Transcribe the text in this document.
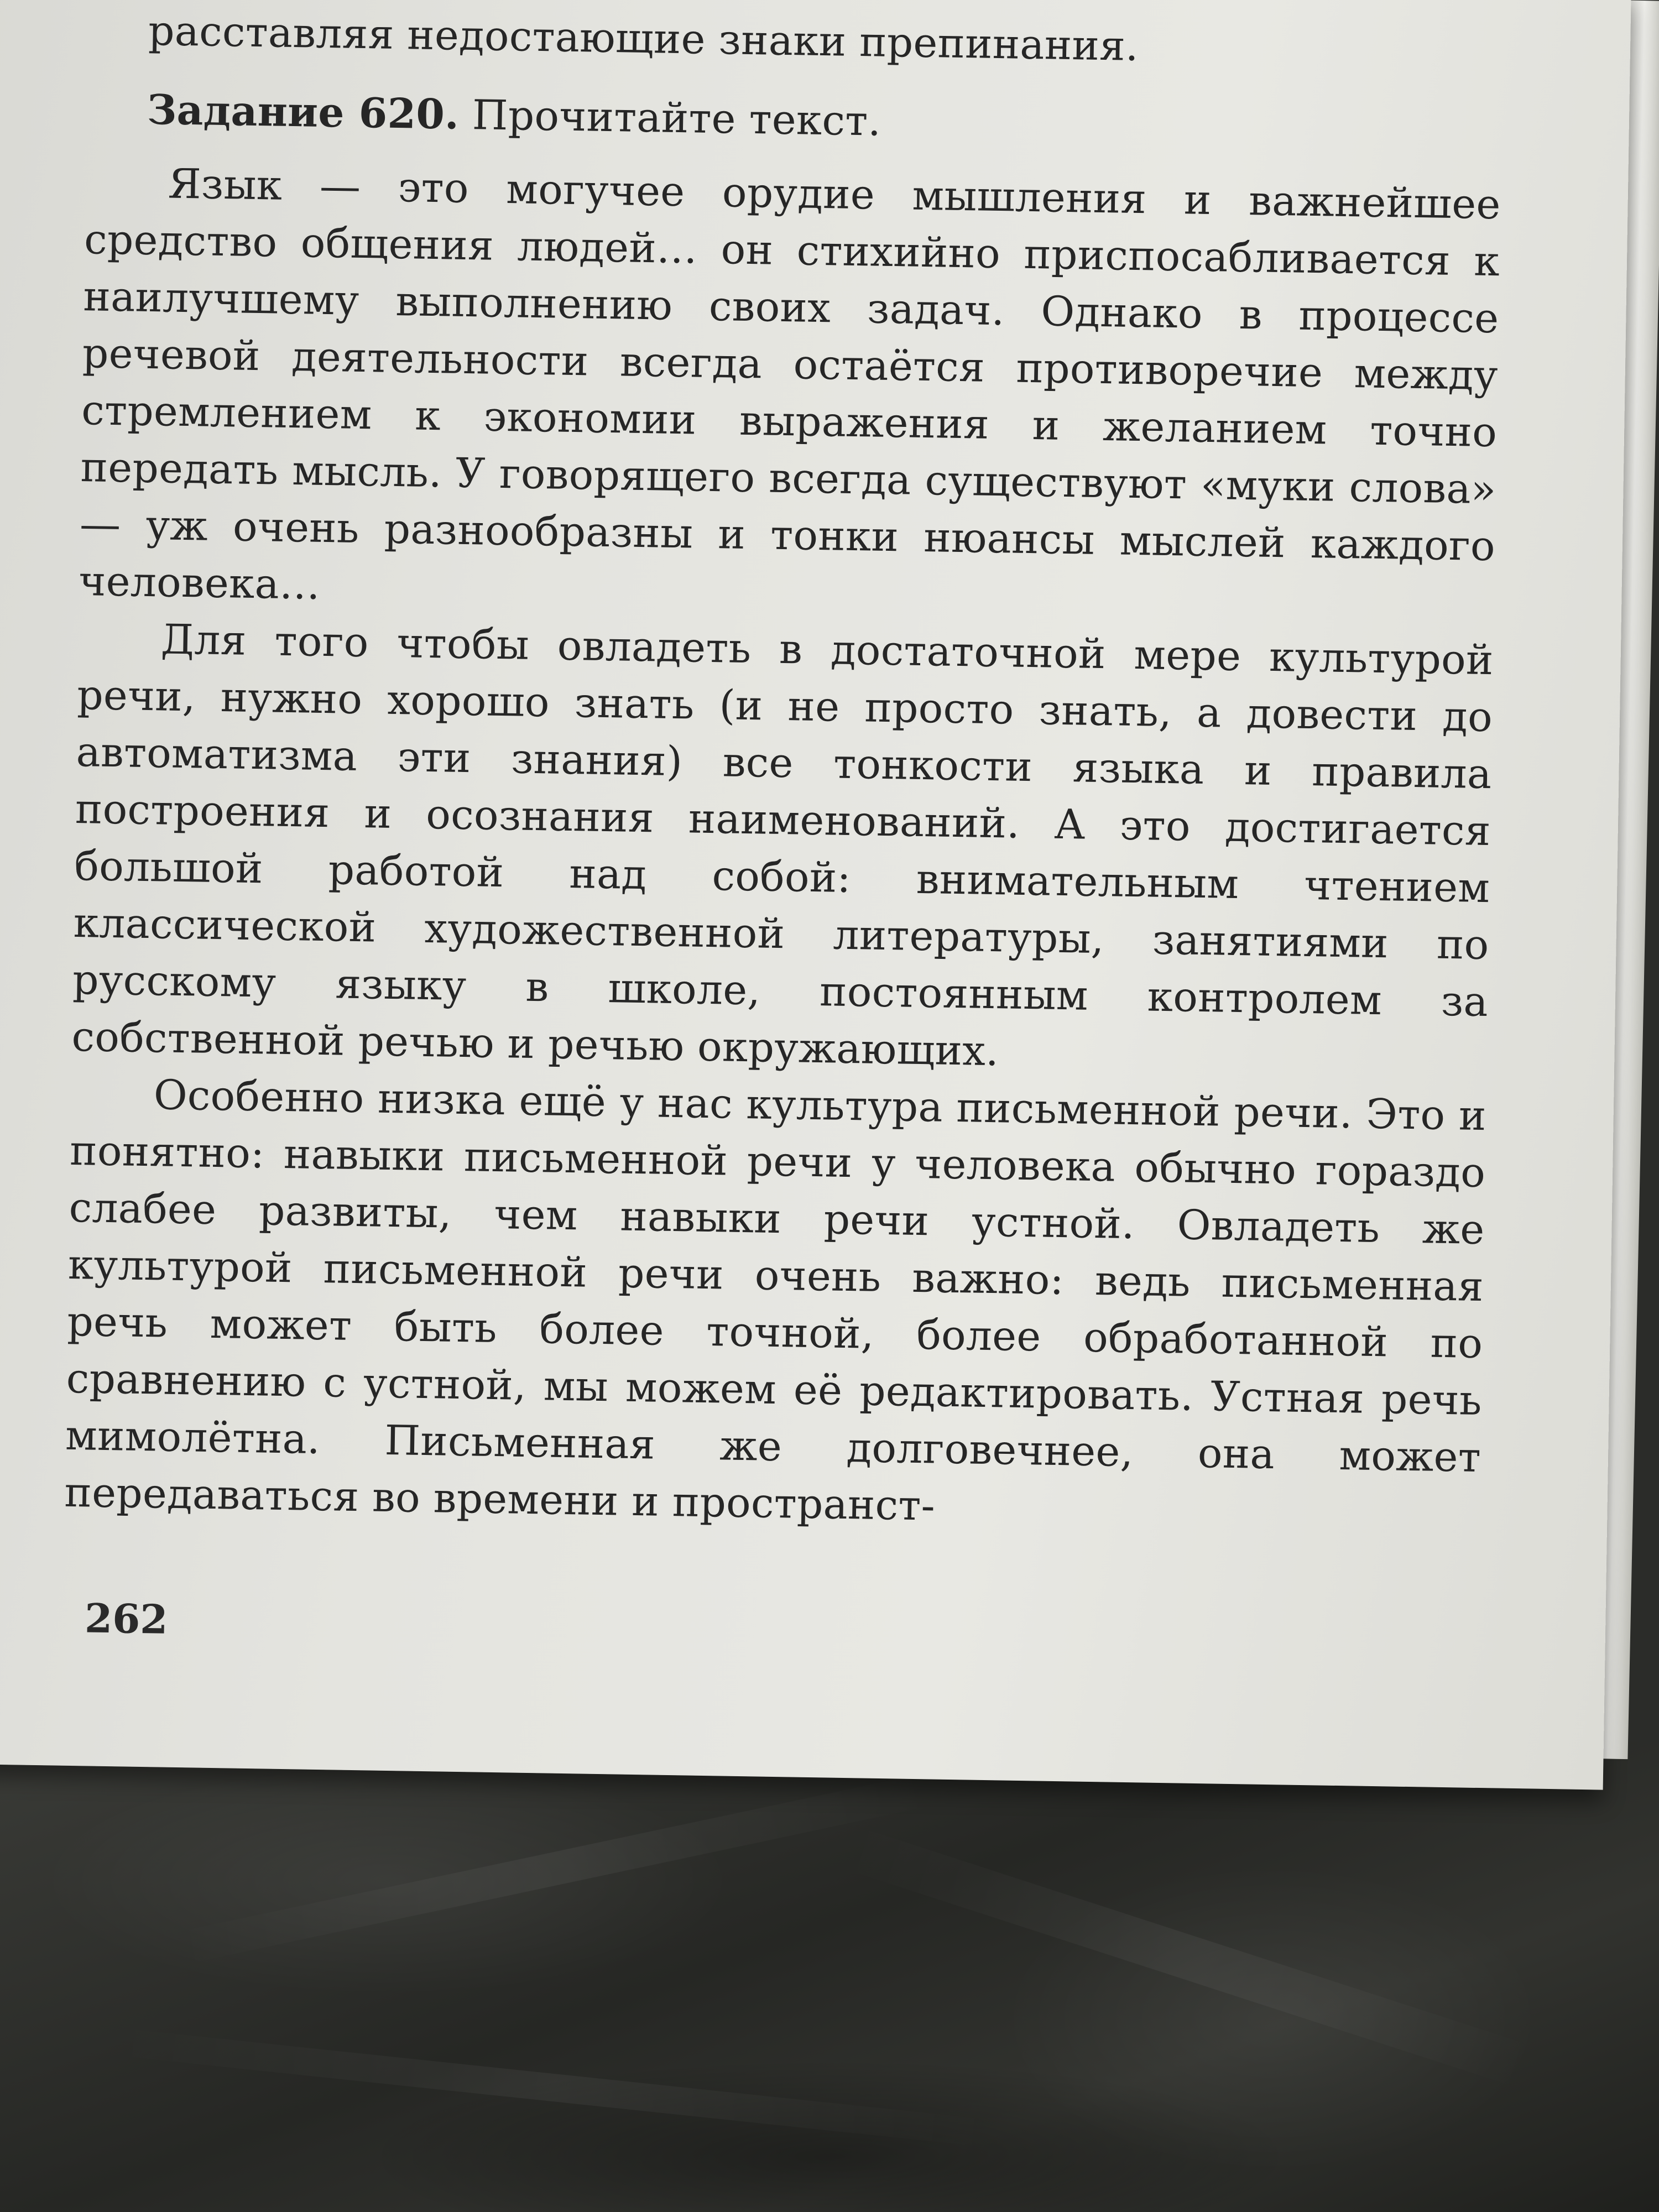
расставляя недостающие знаки препинания.

Задание 620. Прочитайте текст.

Язык — это могучее орудие мышления и важнейшее средство общения людей… он стихийно приспосабливается к наилучшему выполнению своих задач. Однако в процессе речевой деятельности всегда остаётся противоречие между стремлением к экономии выражения и желанием точно передать мысль. У говорящего всегда существуют «муки слова» — уж очень разнообразны и тонки нюансы мыслей каждого человека…

Для того чтобы овладеть в достаточной мере культурой речи, нужно хорошо знать (и не просто знать, а довести до автоматизма эти знания) все тонкости языка и правила построения и осознания наименований. А это достигается большой работой над собой: внимательным чтением классической художественной литературы, занятиями по русскому языку в школе, постоянным контролем за собственной речью и речью окружающих.

Особенно низка ещё у нас культура письменной речи. Это и понятно: навыки письменной речи у человека обычно гораздо слабее развиты, чем навыки речи устной. Овладеть же культурой письменной речи очень важно: ведь письменная речь может быть более точной, более обработанной по сравнению с устной, мы можем её редактировать. Устная речь мимолётна. Письменная же долговечнее, она может передаваться во времени и пространст-

262
